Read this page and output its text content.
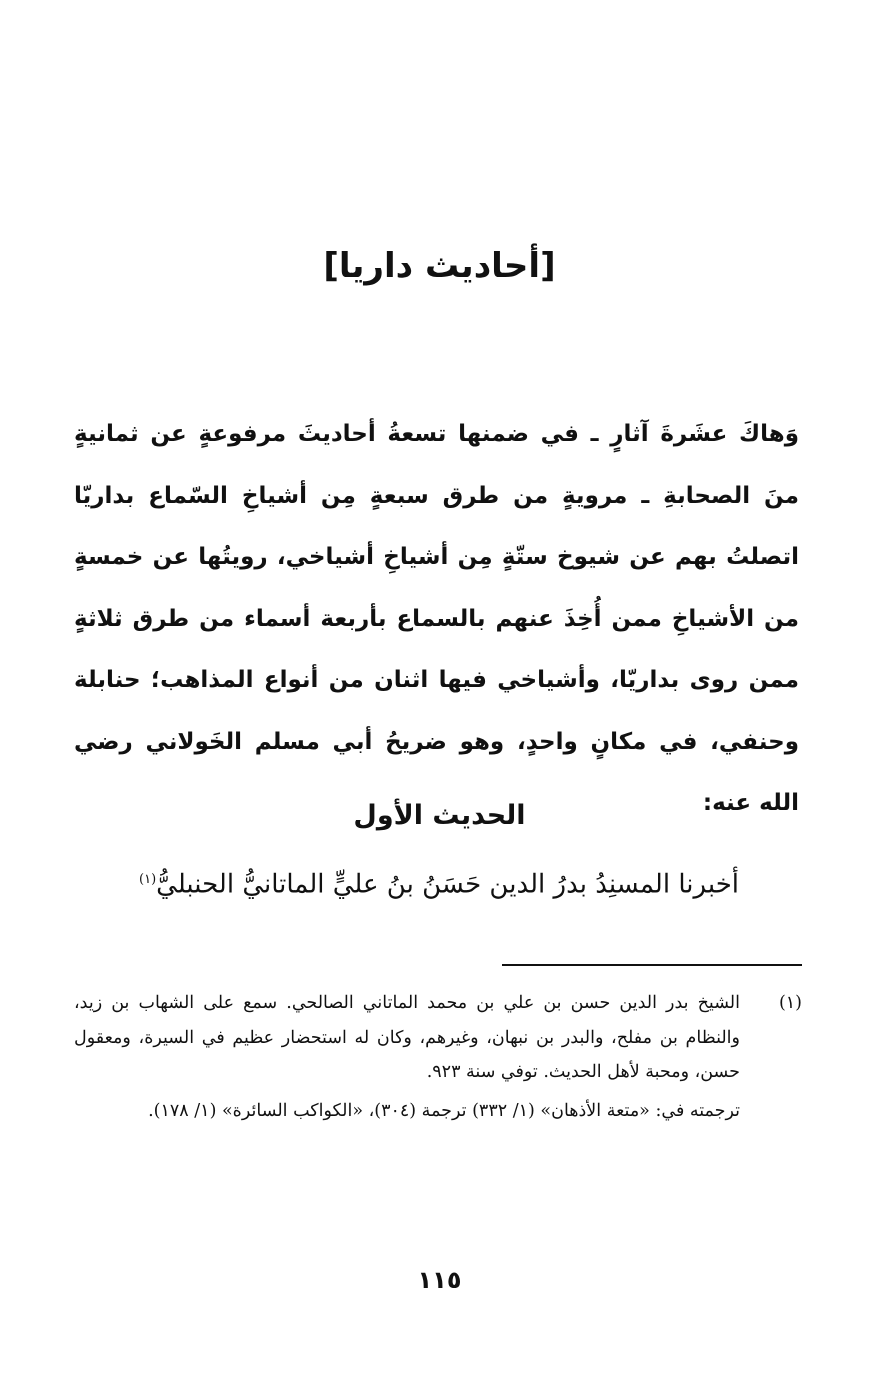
[أحاديث داريا]

وَهاكَ عشَرةَ آثارٍ ـ في ضمنها تسعةُ أحاديثَ مرفوعةٍ عن ثمانيةٍ منَ الصحابةِ ـ مرويةٍ من طرق سبعةٍ مِن أشياخِ السّماع بداريّا اتصلتُ بهم عن شيوخ ستّةٍ مِن أشياخِ أشياخي، رويتُها عن خمسةٍ من الأشياخِ ممن أُخِذَ عنهم بالسماع بأربعة أسماء من طرق ثلاثةٍ ممن روى بداريّا، وأشياخي فيها اثنان من أنواع المذاهب؛ حنابلة وحنفي، في مكانٍ واحدٍ، وهو ضريحُ أبي مسلم الخَولاني رضي الله عنه:

الحديث الأول
أخبرنا المسنِدُ بدرُ الدين حَسَنُ بنُ عليٍّ الماتانيُّ الحنبليُّ$^{(١)}$
(١)

الشيخ بدر الدين حسن بن علي بن محمد الماتاني الصالحي. سمع على الشهاب بن زيد، والنظام بن مفلح، والبدر بن نبهان، وغيرهم، وكان له استحضار عظيم في السيرة، ومعقول حسن، ومحبة لأهل الحديث. توفي سنة ٩٢٣.

ترجمته في: «متعة الأذهان» (١/ ٣٣٢) ترجمة (٣٠٤)، «الكواكب السائرة» (١/ ١٧٨).

١١٥
